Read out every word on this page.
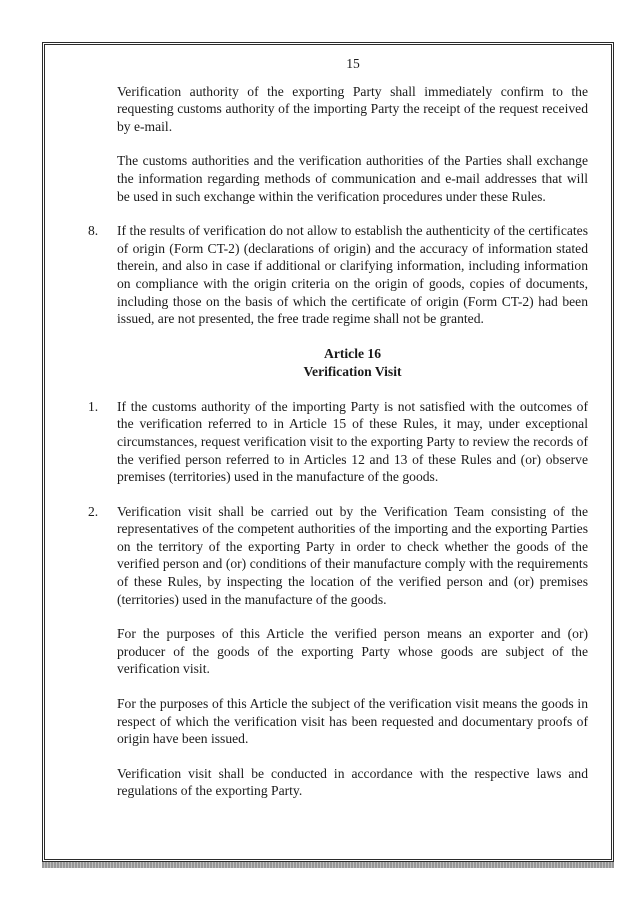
15

Verification authority of the exporting Party shall immediately confirm to the requesting customs authority of the importing Party the receipt of the request received by e-mail.

The customs authorities and the verification authorities of the Parties shall exchange the information regarding methods of communication and e-mail addresses that will be used in such exchange within the verification procedures under these Rules.

8.	If the results of verification do not allow to establish the authenticity of the certificates of origin (Form CT-2) (declarations of origin) and the accuracy of information stated therein, and also in case if additional or clarifying information, including information on compliance with the origin criteria on the origin of goods, copies of documents, including those on the basis of which the certificate of origin (Form CT-2) had been issued, are not presented, the free trade regime shall not be granted.
Article 16
Verification Visit
1.	If the customs authority of the importing Party is not satisfied with the outcomes of the verification referred to in Article 15 of these Rules, it may, under exceptional circumstances, request verification visit to the exporting Party to review the records of the verified person referred to in Articles 12 and 13 of these Rules and (or) observe premises (territories) used in the manufacture of the goods.
2.	Verification visit shall be carried out by the Verification Team consisting of the representatives of the competent authorities of the importing and the exporting Parties on the territory of the exporting Party in order to check whether the goods of the verified person and (or) conditions of their manufacture comply with the requirements of these Rules, by inspecting the location of the verified person and (or) premises (territories) used in the manufacture of the goods.

For the purposes of this Article the verified person means an exporter and (or) producer of the goods of the exporting Party whose goods are subject of the verification visit.

For the purposes of this Article the subject of the verification visit means the goods in respect of which the verification visit has been requested and documentary proofs of origin have been issued.

Verification visit shall be conducted in accordance with the respective laws and regulations of the exporting Party.
